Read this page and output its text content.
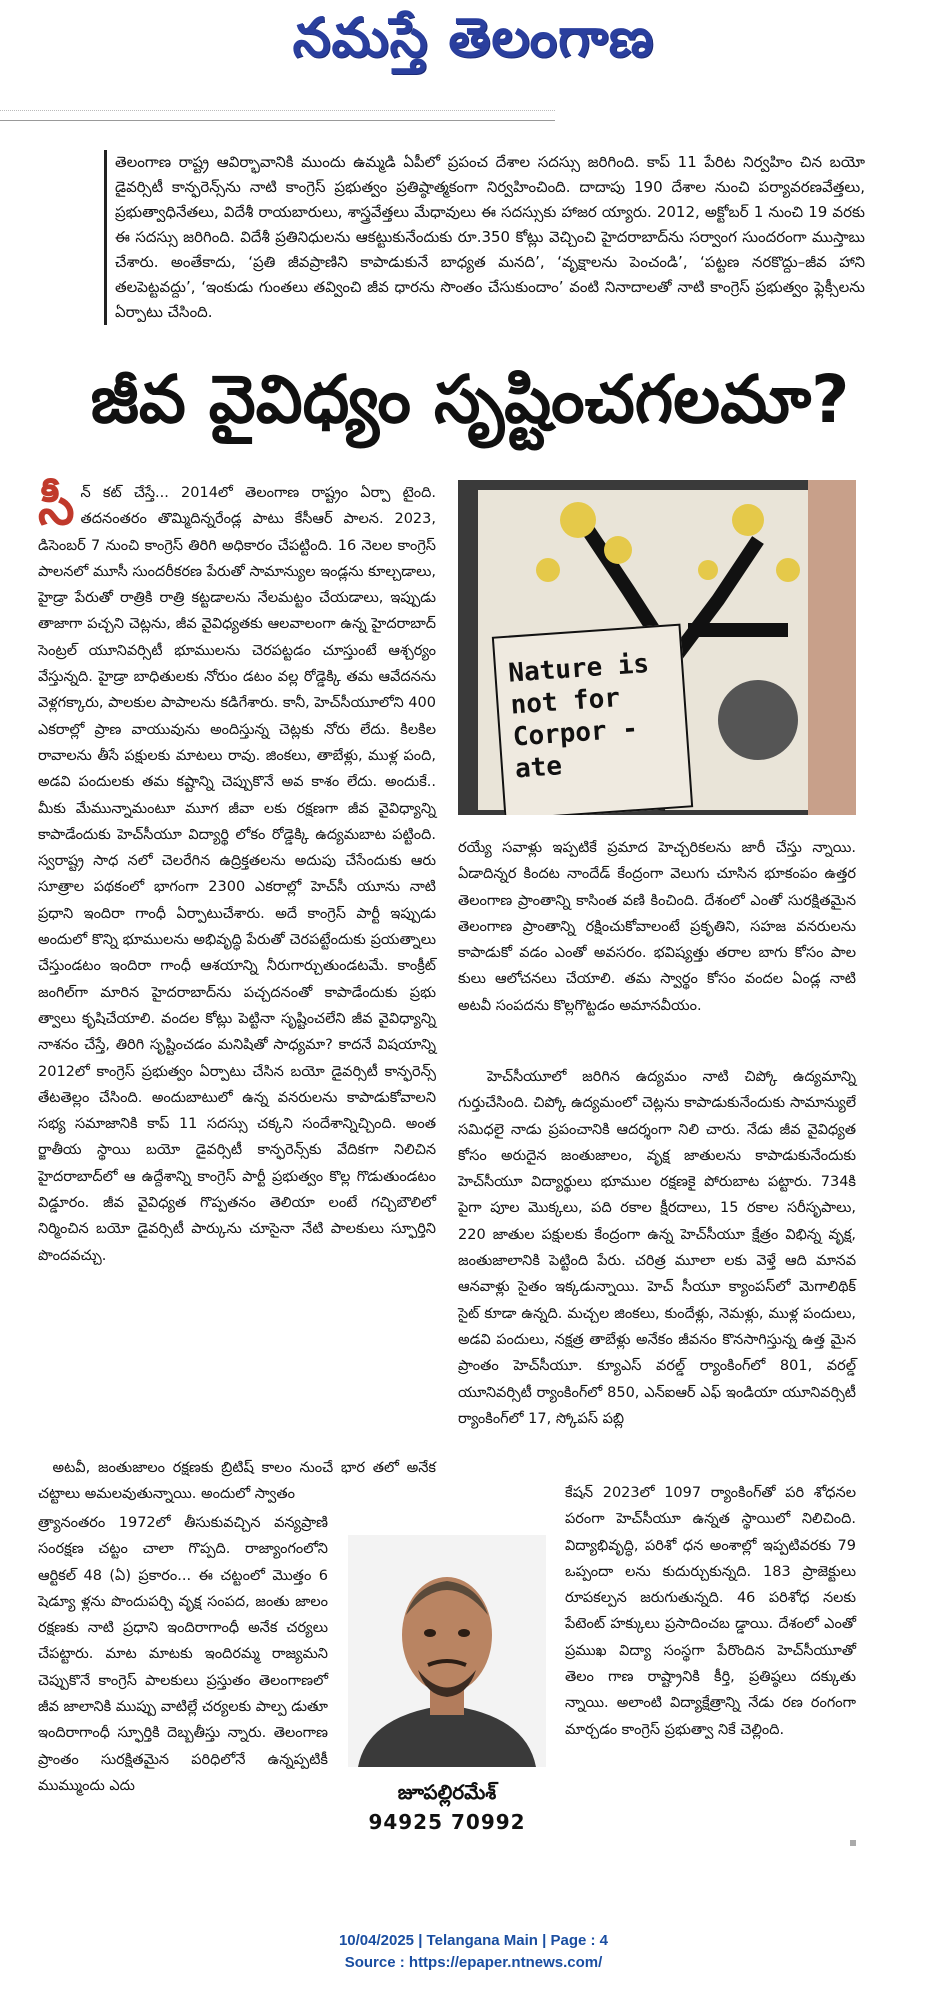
నమస్తే తెలంగాణ
తెలంగాణ రాష్ట్ర ఆవిర్భావానికి ముందు ఉమ్మడి ఏపీలో ప్రపంచ దేశాల సదస్సు జరిగింది. కాప్ 11 పేరిట నిర్వహిం చిన బయో డైవర్సిటీ కాన్ఫరెన్స్‌ను నాటి కాంగ్రెస్ ప్రభుత్వం ప్రతిష్ఠాత్మకంగా నిర్వహించింది. దాదాపు 190 దేశాల నుంచి పర్యావరణవేత్తలు, ప్రభుత్వాధినేతలు, విదేశీ రాయబారులు, శాస్త్రవేత్తలు మేధావులు ఈ సదస్సుకు హాజర య్యారు. 2012, అక్టోబర్ 1 నుంచి 19 వరకు ఈ సదస్సు జరిగింది. విదేశీ ప్రతినిధులను ఆకట్టుకునేందుకు రూ.350 కోట్లు వెచ్చించి హైదరాబాద్‌ను సర్వాంగ సుందరంగా ముస్తాబు చేశారు. అంతేకాదు, ‘ప్రతి జీవప్రాణిని కాపాడుకునే బాధ్యత మనది’, ‘వృక్షాలను పెంచండి’, ‘పట్టణ నరకొద్దు–జీవ హాని తలపెట్టవద్దు’, ‘ఇంకుడు గుంతలు తవ్వించి జీవ ధారను సొంతం చేసుకుందాం’ వంటి నినాదాలతో నాటి కాంగ్రెస్ ప్రభుత్వం ఫ్లెక్సీలను ఏర్పాటు చేసింది.
జీవ వైవిధ్యం సృష్టించగలమా?

సీన్ కట్ చేస్తే... 2014లో తెలంగాణ రాష్ట్రం ఏర్పా టైంది. తదనంతరం తొమ్మిదిన్నరేండ్ల పాటు కేసీఆర్ పాలన. 2023, డిసెంబర్ 7 నుంచి కాంగ్రెస్ తిరిగి అధికారం చేపట్టింది. 16 నెలల కాంగ్రెస్ పాలనలో మూసీ సుందరీకరణ పేరుతో సామాన్యుల ఇండ్లను కూల్చడాలు, హైడ్రా పేరుతో రాత్రికి రాత్రి కట్టడాలను నేలమట్టం చేయడాలు, ఇప్పుడు తాజాగా పచ్చని చెట్లను, జీవ వైవిధ్యతకు ఆలవాలంగా ఉన్న హైదరాబాద్ సెంట్రల్ యూనివర్సిటీ భూములను చెరపట్టడం చూస్తుంటే ఆశ్చర్యం వేస్తున్నది. హైడ్రా బాధితులకు నోరుం డటం వల్ల రోడ్డెక్కి తమ ఆవేదనను వెళ్లగక్కారు, పాలకుల పాపాలను కడిగేశారు. కానీ, హెచ్‌సీయూలోని 400 ఎకరాల్లో ప్రాణ వాయువును అందిస్తున్న చెట్లకు నోరు లేదు. కిలకిల రావాలను తీసే పక్షులకు మాటలు రావు. జింకలు, తాబేళ్లు, ముళ్ల పంది, అడవి పందులకు తమ కష్టాన్ని చెప్పుకొనే అవ కాశం లేదు. అందుకే.. మీకు మేమున్నామంటూ మూగ జీవా లకు రక్షణగా జీవ వైవిధ్యాన్ని కాపాడేందుకు హెచ్‌సీయూ విద్యార్థి లోకం రోడ్డెక్కి ఉద్యమబాట పట్టింది. స్వరాష్ట్ర సాధ నలో చెలరేగిన ఉద్రిక్తతలను అదుపు చేసేందుకు ఆరు సూత్రాల పథకంలో భాగంగా 2300 ఎకరాల్లో హెచ్‌సీ యూను నాటి ప్రధాని ఇందిరా గాంధీ ఏర్పాటుచేశారు. అదే కాంగ్రెస్ పార్టీ ఇప్పుడు అందులో కొన్ని భూములను అభివృద్ధి పేరుతో చెరపట్టేందుకు ప్రయత్నాలు చేస్తుండటం ఇందిరా గాంధీ ఆశయాన్ని నీరుగార్చుతుండటమే. కాంక్రీట్ జంగిల్‌గా మారిన హైదరాబాద్‌ను పచ్చదనంతో కాపాడేందుకు ప్రభు త్వాలు కృషిచేయాలి. వందల కోట్లు పెట్టినా సృష్టించలేని జీవ వైవిధ్యాన్ని నాశనం చేస్తే, తిరిగి సృష్టించడం మనిషితో సాధ్యమా? కాదనే విషయాన్ని 2012లో కాంగ్రెస్ ప్రభుత్వం ఏర్పాటు చేసిన బయో డైవర్సిటీ కాన్ఫరెన్స్ తేటతెల్లం చేసింది. అందుబాటులో ఉన్న వనరులను కాపాడుకోవాలని సభ్య సమాజానికి కాప్ 11 సదస్సు చక్కని సందేశాన్నిచ్చింది. అంత ర్జాతీయ స్థాయి బయో డైవర్సిటీ కాన్ఫరెన్స్‌కు వేదికగా నిలిచిన హైదరాబాద్‌లో ఆ ఉద్దేశాన్ని కాంగ్రెస్ పార్టీ ప్రభుత్వం కొల్ల గొడుతుండటం విడ్డూరం. జీవ వైవిధ్యత గొప్పతనం తెలియా లంటే గచ్చిబౌలిలో నిర్మించిన బయో డైవర్సిటీ పార్కును చూసైనా నేటి పాలకులు స్ఫూర్తిని పొందవచ్చు.

Nature is not for Corpor -ate

రయ్యే సవాళ్లు ఇప్పటికే ప్రమాద హెచ్చరికలను జారీ చేస్తు న్నాయి. ఏడాదిన్నర కిందట నాందేడ్ కేంద్రంగా వెలుగు చూసిన భూకంపం ఉత్తర తెలంగాణ ప్రాంతాన్ని కాసింత వణి కించింది. దేశంలో ఎంతో సురక్షితమైన తెలంగాణ ప్రాంతాన్ని రక్షించుకోవాలంటే ప్రకృతిని, సహజ వనరులను కాపాడుకో వడం ఎంతో అవసరం. భవిష్యత్తు తరాల బాగు కోసం పాల కులు ఆలోచనలు చేయాలి. తమ స్వార్థం కోసం వందల ఏండ్ల నాటి అటవీ సంపదను కొల్లగొట్టడం అమానవీయం.

హెచ్‌సీయూలో జరిగిన ఉద్యమం నాటి చిప్కో ఉద్యమాన్ని గుర్తుచేసింది. చిప్కో ఉద్యమంలో చెట్లను కాపాడుకునేందుకు సామాన్యులే సమిధలై నాడు ప్రపంచానికి ఆదర్శంగా నిలి చారు. నేడు జీవ వైవిధ్యత కోసం అరుదైన జంతుజాలం, వృక్ష జాతులను కాపాడుకునేందుకు హెచ్‌సీయూ విద్యార్థులు భూముల రక్షణకై పోరుబాట పట్టారు. 734కి పైగా పూల మొక్కలు, పది రకాల క్షీరదాలు, 15 రకాల సరీసృపాలు, 220 జాతుల పక్షులకు కేంద్రంగా ఉన్న హెచ్‌సీయూ క్షేత్రం విభిన్న వృక్ష, జంతుజాలానికి పెట్టింది పేరు. చరిత్ర మూలా లకు వెళ్తే ఆది మానవ ఆనవాళ్లు సైతం ఇక్కడున్నాయి. హెచ్ సీయూ క్యాంపస్‌లో మెగాలిథిక్ సైట్ కూడా ఉన్నది. మచ్చల జింకలు, కుందేళ్లు, నెమళ్లు, ముళ్ల పందులు, అడవి పందులు, నక్షత్ర తాబేళ్లు అనేకం జీవనం కొనసాగిస్తున్న ఉత్త మైన ప్రాంతం హెచ్‌సీయూ. క్యూఎస్ వరల్డ్ ర్యాంకింగ్‌లో 801, వరల్డ్ యూనివర్సిటీ ర్యాంకింగ్‌లో 850, ఎన్‌ఐఆర్ ఎఫ్ ఇండియా యూనివర్సిటీ ర్యాంకింగ్‌లో 17, స్కోపస్ పబ్లి

అటవీ, జంతుజాలం రక్షణకు బ్రిటిష్ కాలం నుంచే భార తలో అనేక చట్టాలు అమలవుతున్నాయి. అందులో స్వాతం

త్ర్యానంతరం 1972లో తీసుకువచ్చిన వన్యప్రాణి సంరక్షణ చట్టం చాలా గొప్పది. రాజ్యాంగంలోని ఆర్టికల్ 48 (ఏ) ప్రకారం... ఈ చట్టంలో మొత్తం 6 షెడ్యూ ళ్లను పొందుపర్చి వృక్ష సంపద, జంతు జాలం రక్షణకు నాటి ప్రధాని ఇందిరాగాంధీ అనేక చర్యలు చేపట్టారు. మాట మాటకు ఇందిరమ్మ రాజ్యమని చెప్పుకొనే కాంగ్రెస్ పాలకులు ప్రస్తుతం తెలంగాణలో జీవ జాలానికి ముప్పు వాటిల్లే చర్యలకు పాల్ప డుతూ ఇందిరాగాంధీ స్ఫూర్తికి దెబ్బతీస్తు న్నారు. తెలంగాణ ప్రాంతం సురక్షితమైన పరిధిలోనే ఉన్నప్పటికీ ముమ్ముందు ఎదు	జూపల్లిరమేశ్
94925 70992

కేషన్ 2023లో 1097 ర్యాంకింగ్‌తో పరి శోధనల పరంగా హెచ్‌సీయూ ఉన్నత స్థాయిలో నిలిచింది. విద్యాభివృద్ధి, పరిశో ధన అంశాల్లో ఇప్పటివరకు 79 ఒప్పందా లను కుదుర్చుకున్నది. 183 ప్రాజెక్టులు రూపకల్పన జరుగుతున్నది. 46 పరిశోధ నలకు పేటెంట్ హక్కులు ప్రసాదించబ డ్డాయి. దేశంలో ఎంతో ప్రముఖ విద్యా సంస్థగా పేరొందిన హెచ్‌సీయూతో తెలం గాణ రాష్ట్రానికి కీర్తి, ప్రతిష్ఠలు దక్కుతు న్నాయి. అలాంటి విద్యాక్షేత్రాన్ని నేడు రణ రంగంగా మార్చడం కాంగ్రెస్ ప్రభుత్వా నికే చెల్లింది.

10/04/2025 | Telangana Main | Page : 4
Source : https://epaper.ntnews.com/
